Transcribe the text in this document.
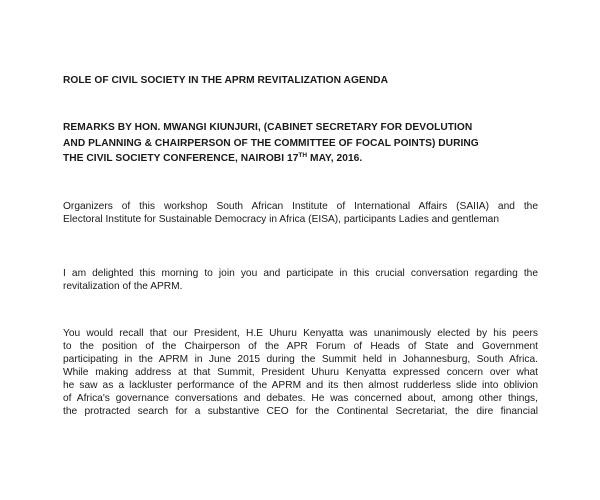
ROLE OF CIVIL SOCIETY IN THE APRM REVITALIZATION AGENDA
REMARKS BY HON. MWANGI KIUNJURI, (CABINET SECRETARY FOR DEVOLUTION
AND PLANNING & CHAIRPERSON OF THE COMMITTEE OF FOCAL POINTS) DURING
THE CIVIL SOCIETY CONFERENCE, NAIROBI 17TH MAY, 2016.
Organizers of this workshop South African Institute of International Affairs (SAIIA) and the
Electoral Institute for Sustainable Democracy in Africa (EISA), participants Ladies and gentleman
I am delighted this morning to join you and participate in this crucial conversation regarding the
revitalization of the APRM.
You would recall that our President, H.E Uhuru Kenyatta was unanimously elected by his peers
to the position of the Chairperson of the APR Forum of Heads of State and Government
participating in the APRM in June 2015 during the Summit held in Johannesburg, South Africa.
While making address at that Summit, President Uhuru Kenyatta expressed concern over what
he saw as a lackluster performance of the APRM and its then almost rudderless slide into oblivion
of Africa's governance conversations and debates. He was concerned about, among other things,
the protracted search for a substantive CEO for the Continental Secretariat, the dire financial
